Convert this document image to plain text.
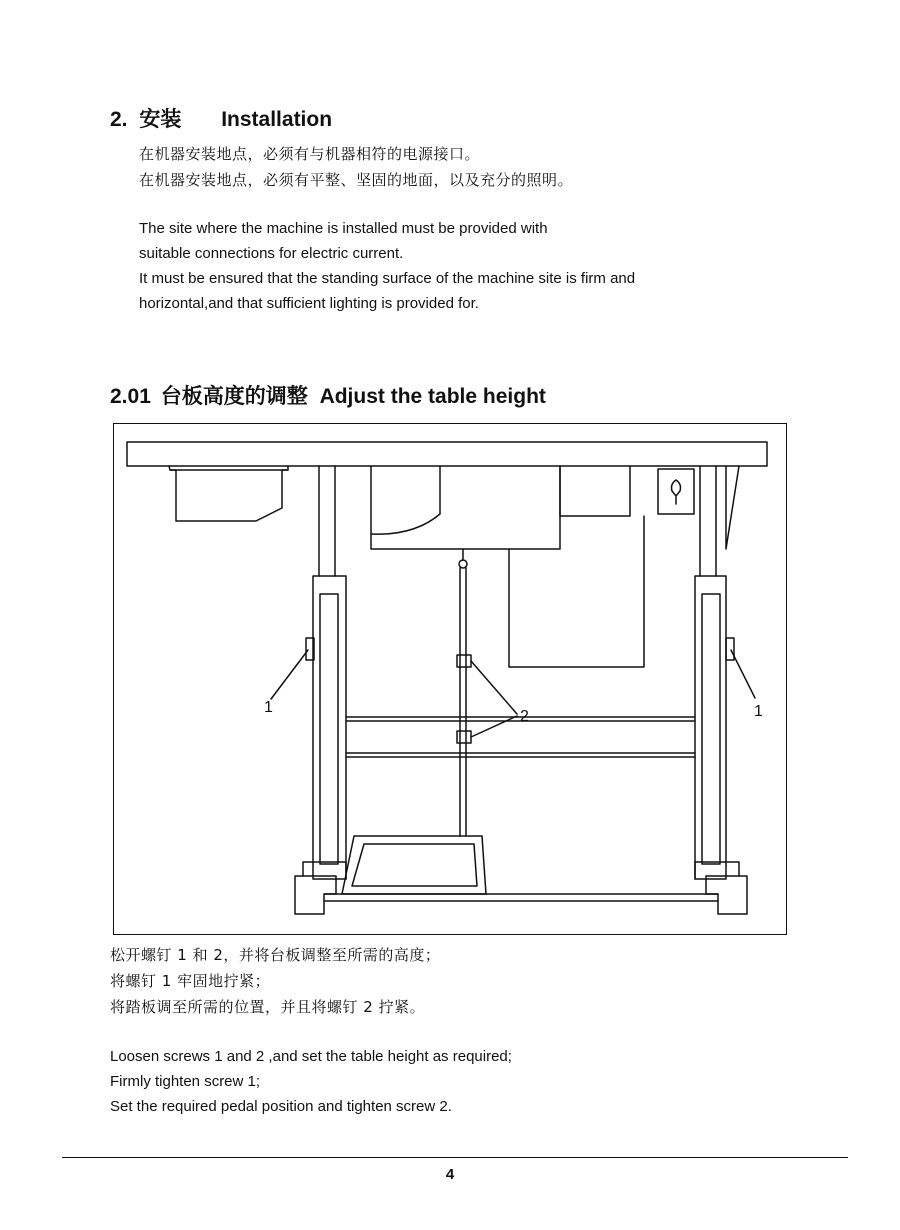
2. 安装 Installation
在机器安装地点，必须有与机器相符的电源接口。
在机器安装地点，必须有平整、坚固的地面，以及充分的照明。
The site where the machine is installed must be provided with
suitable connections for electric current.
It must be ensured that the standing surface of the machine site is firm and
horizontal,and that sufficient lighting is provided for.
2.01 台板高度的调整 Adjust the table height
1	1
2
松开螺钉 1 和 2，并将台板调整至所需的高度；
将螺钉 1 牢固地拧紧；
将踏板调至所需的位置，并且将螺钉 2 拧紧。
Loosen screws 1 and 2 ,and set the table height as required;
Firmly tighten screw 1;
Set the required pedal position and tighten screw 2.
4
